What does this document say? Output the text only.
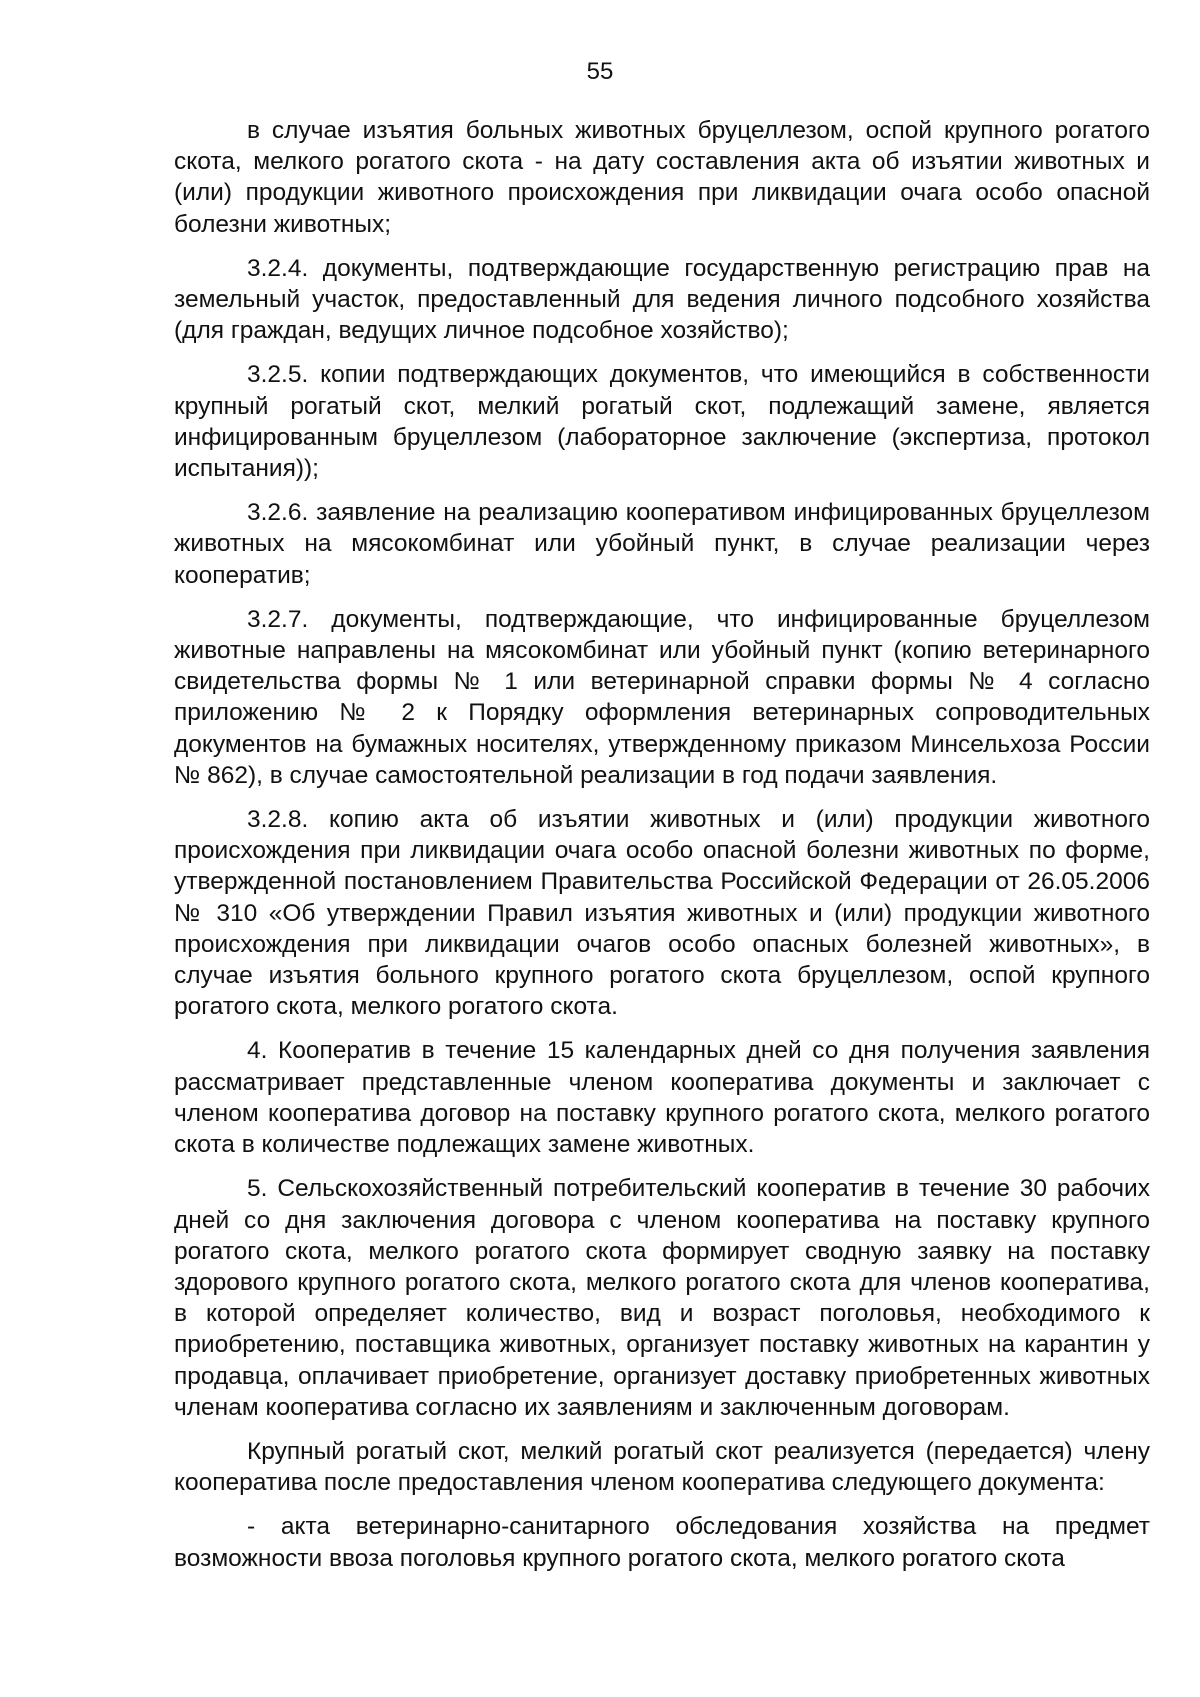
55

в случае изъятия больных животных бруцеллезом, оспой крупного рогатого скота, мелкого рогатого скота - на дату составления акта об изъятии животных и (или) продукции животного происхождения при ликвидации очага особо опасной болезни животных;

3.2.4. документы, подтверждающие государственную регистрацию прав на земельный участок, предоставленный для ведения личного подсобного хозяйства (для граждан, ведущих личное подсобное хозяйство);

3.2.5. копии подтверждающих документов, что имеющийся в собственности крупный рогатый скот, мелкий рогатый скот, подлежащий замене, является инфицированным бруцеллезом (лабораторное заключение (экспертиза, протокол испытания));

3.2.6. заявление на реализацию кооперативом инфицированных бруцеллезом животных на мясокомбинат или убойный пункт, в случае реализации через кооператив;

3.2.7. документы, подтверждающие, что инфицированные бруцеллезом животные направлены на мясокомбинат или убойный пункт (копию ветеринарного свидетельства формы № 1 или ветеринарной справки формы № 4 согласно приложению № 2 к Порядку оформления ветеринарных сопроводительных документов на бумажных носителях, утвержденному приказом Минсельхоза России № 862), в случае самостоятельной реализации в год подачи заявления.

3.2.8. копию акта об изъятии животных и (или) продукции животного происхождения при ликвидации очага особо опасной болезни животных по форме, утвержденной постановлением Правительства Российской Федерации от 26.05.2006 № 310 «Об утверждении Правил изъятия животных и (или) продукции животного происхождения при ликвидации очагов особо опасных болезней животных», в случае изъятия больного крупного рогатого скота бруцеллезом, оспой крупного рогатого скота, мелкого рогатого скота.

4. Кооператив в течение 15 календарных дней со дня получения заявления рассматривает представленные членом кооператива документы и заключает с членом кооператива договор на поставку крупного рогатого скота, мелкого рогатого скота в количестве подлежащих замене животных.

5. Сельскохозяйственный потребительский кооператив в течение 30 рабочих дней со дня заключения договора с членом кооператива на поставку крупного рогатого скота, мелкого рогатого скота формирует сводную заявку на поставку здорового крупного рогатого скота, мелкого рогатого скота для членов кооператива, в которой определяет количество, вид и возраст поголовья, необходимого к приобретению, поставщика животных, организует поставку животных на карантин у продавца, оплачивает приобретение, организует доставку приобретенных животных членам кооператива согласно их заявлениям и заключенным договорам.

Крупный рогатый скот, мелкий рогатый скот реализуется (передается) члену кооператива после предоставления членом кооператива следующего документа:

- акта ветеринарно-санитарного обследования хозяйства на предмет возможности ввоза поголовья крупного рогатого скота, мелкого рогатого скота
